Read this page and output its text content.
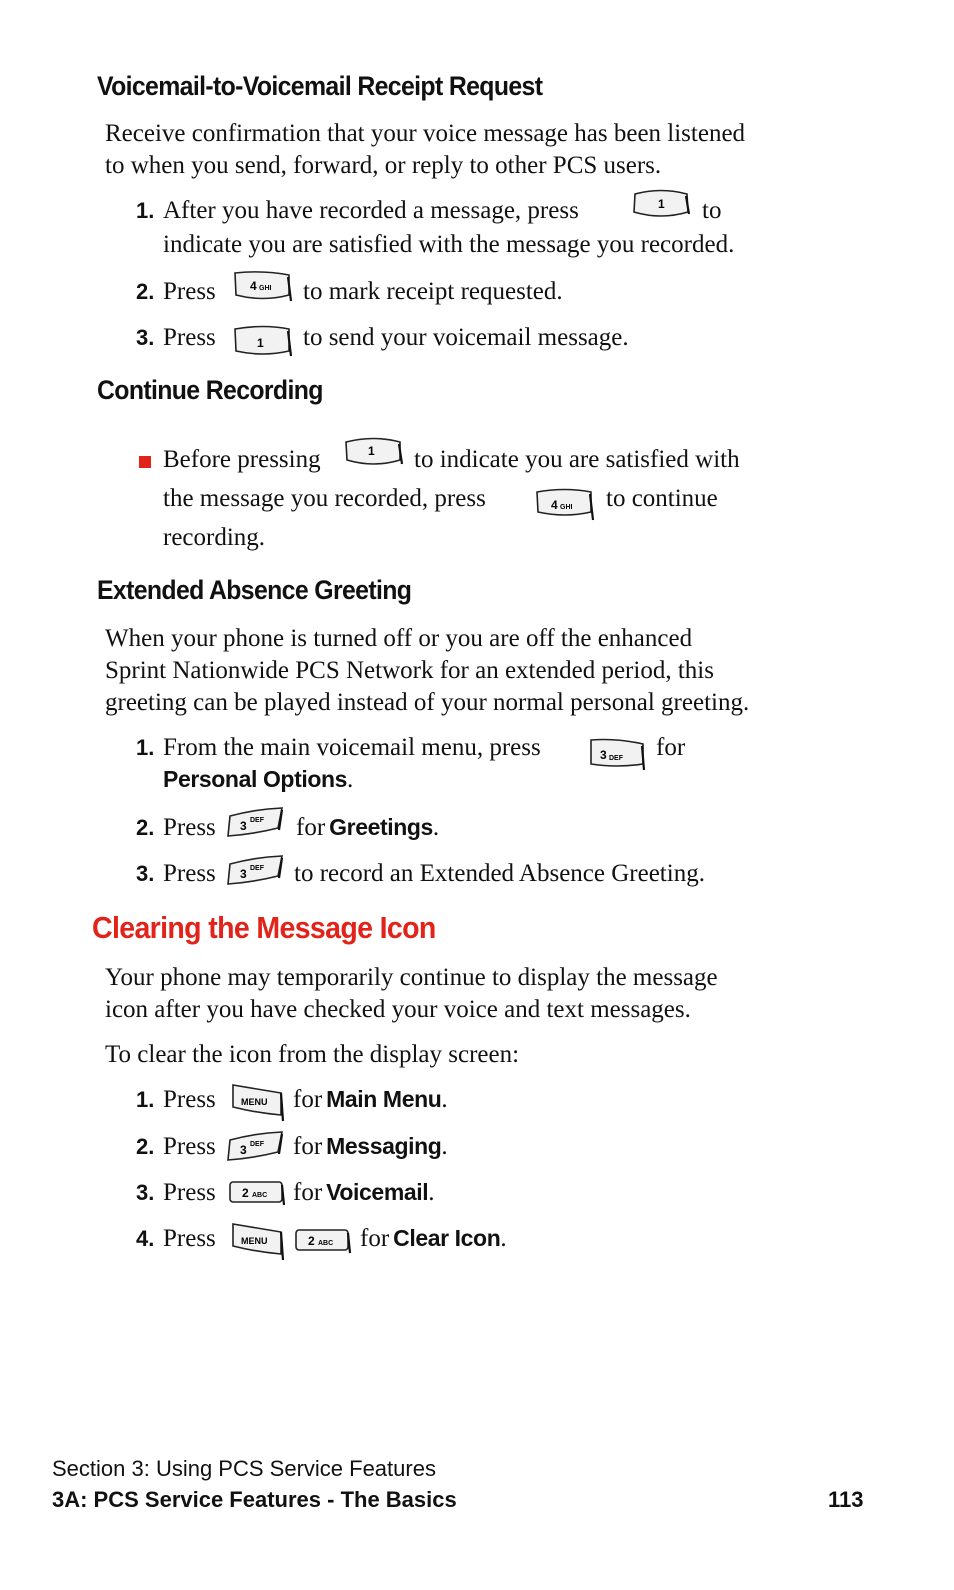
Voicemail-to-Voicemail Receipt Request
Receive confirmation that your voice message has been listened
to when you send, forward, or reply to other PCS users.
1. After you have recorded a message, press	1 to
indicate you are satisfied with the message you recorded.
2. Press	4 GHI to mark receipt requested.
3. Press	1 to send your voicemail message.
Continue Recording
Before pressing	1 to indicate you are satisfied with
the message you recorded, press	4 GHI to continue
recording.
Extended Absence Greeting
When your phone is turned off or you are off the enhanced
Sprint Nationwide PCS Network for an extended period, this
greeting can be played instead of your normal personal greeting.
1. From the main voicemail menu, press	3 DEF for
Personal Options.
2. Press 3 DEF for Greetings.
3. Press 3 DEF to record an Extended Absence Greeting.
Clearing the Message Icon
Your phone may temporarily continue to display the message
icon after you have checked your voice and text messages.
To clear the icon from the display screen:
1. Press	MENU for Main Menu.
2. Press 3 DEF for Messaging.
3. Press 2 ABC for Voicemail.
4. Press	MENU	2 ABC for Clear Icon.
Section 3: Using PCS Service Features
3A: PCS Service Features - The Basics	113
